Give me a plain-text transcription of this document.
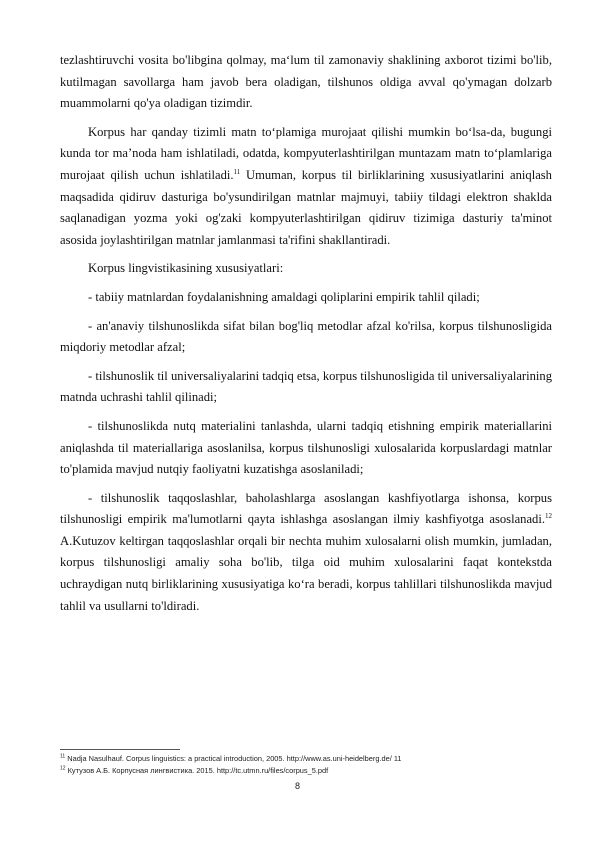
tezlashtiruvchi vosita bo'libgina qolmay, ma‘lum til zamonaviy shaklining axborot tizimi bo'lib, kutilmagan savollarga ham javob bera oladigan, tilshunos oldiga avval qo'ymagan dolzarb muammolarni qo'ya oladigan tizimdir.

Korpus har qanday tizimli matn to‘plamiga murojaat qilishi mumkin bo‘lsa-da, bugungi kunda tor ma’noda ham ishlatiladi, odatda, kompyuterlashtirilgan muntazam matn to‘plamlariga murojaat qilish uchun ishlatiladi.$^{11}$ Umuman, korpus til birliklarining xususiyatlarini aniqlash maqsadida qidiruv dasturiga bo'ysundirilgan matnlar majmuyi, tabiiy tildagi elektron shaklda saqlanadigan yozma yoki og'zaki kompyuterlashtirilgan qidiruv tizimiga dasturiy ta'minot asosida joylashtirilgan matnlar jamlanmasi ta'rifini shakllantiradi.

Korpus lingvistikasining xususiyatlari:

- tabiiy matnlardan foydalanishning amaldagi qoliplarini empirik tahlil qiladi;

- an'anaviy tilshunoslikda sifat bilan bog'liq metodlar afzal ko'rilsa, korpus tilshunosligida miqdoriy metodlar afzal;

- tilshunoslik til universaliyalarini tadqiq etsa, korpus tilshunosligida til universaliyalarining matnda uchrashi tahlil qilinadi;

- tilshunoslikda nutq materialini tanlashda, ularni tadqiq etishning empirik materiallarini aniqlashda til materiallariga asoslanilsa, korpus tilshunosligi xulosalarida korpuslardagi matnlar to'plamida mavjud nutqiy faoliyatni kuzatishga asoslaniladi;

- tilshunoslik taqqoslashlar, baholashlarga asoslangan kashfiyotlarga ishonsa, korpus tilshunosligi empirik ma'lumotlarni qayta ishlashga asoslangan ilmiy kashfiyotga asoslanadi.$^{12}$ A.Kutuzov keltirgan taqqoslashlar orqali bir nechta muhim xulosalarni olish mumkin, jumladan, korpus tilshunosligi amaliy soha bo'lib, tilga oid muhim xulosalarini faqat kontekstda uchraydigan nutq birliklarining xususiyatiga ko‘ra beradi, korpus tahlillari tilshunoslikda mavjud tahlil va usullarni to'ldiradi.

$^{11}$ Nadja Nasulhauf. Corpus linguistics: a practical introduction, 2005. http://www.as.uni-heidelberg.de/ 11
$^{12}$ Кутузов А.Б. Корпусная лингвистика. 2015. http://tc.utmn.ru/files/corpus_5.pdf
8
